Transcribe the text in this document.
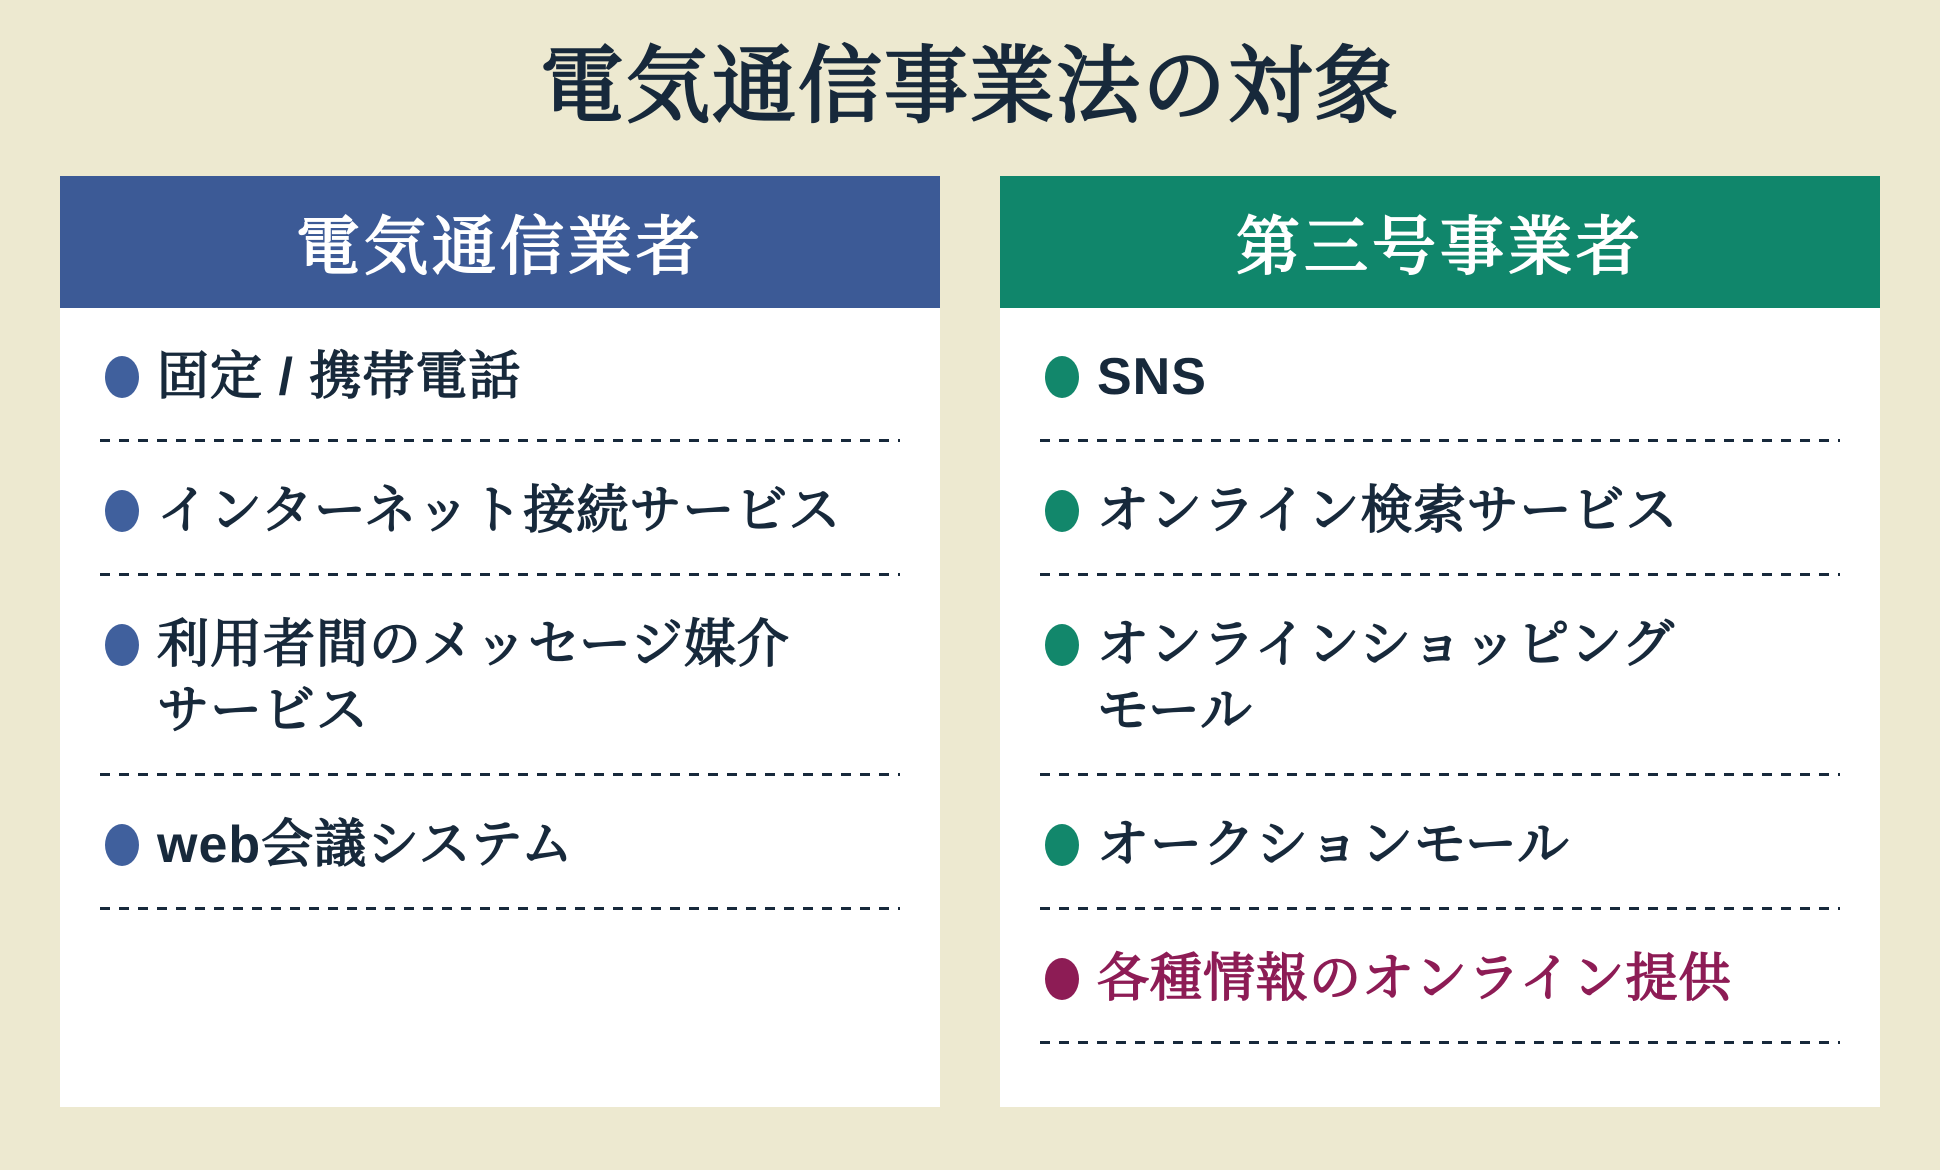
電気通信事業法の対象
電気通信業者
固定 / 携帯電話
インターネット接続サービス
利用者間のメッセージ媒介
サービス
web会議システム
第三号事業者
SNS
オンライン検索サービス
オンラインショッピング
モール
オークションモール
各種情報のオンライン提供
